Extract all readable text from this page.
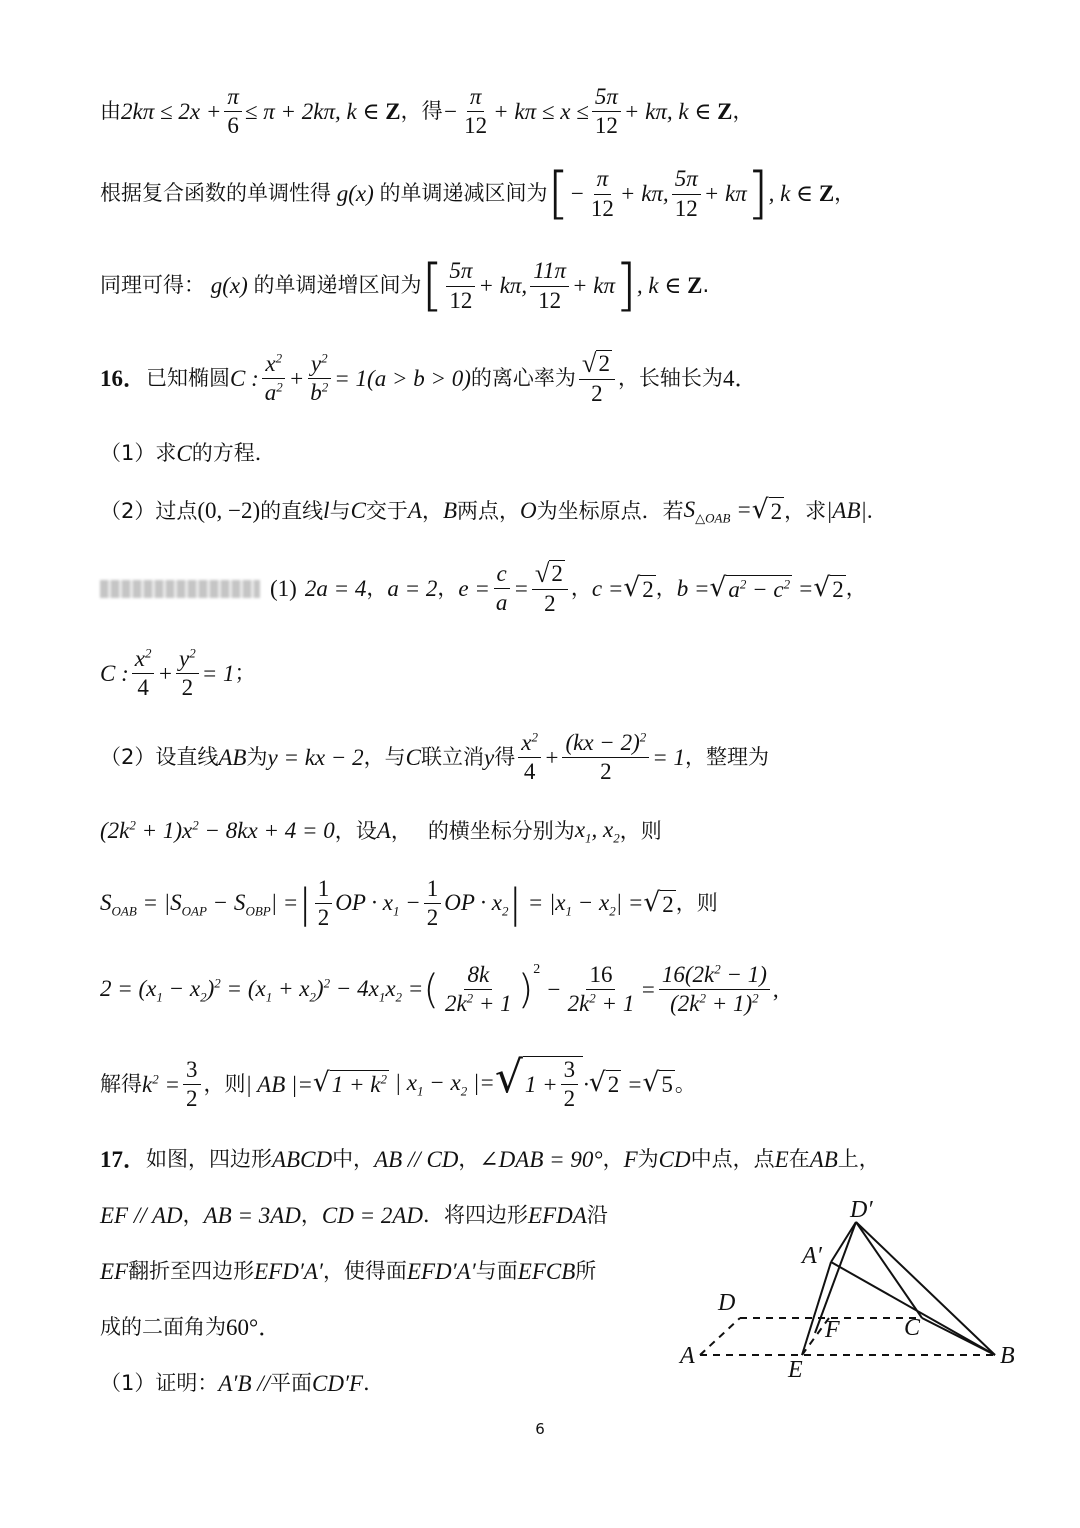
由 $2k\pi \le 2x + \frac{\pi}{6} \le \pi + 2k\pi$, k ∈ Z ，得 − $\frac{\pi}{12} + k\pi \le x \le \frac{5\pi}{12} + k\pi$, k ∈ Z ，
根据复合函数的单调性得 g(x) 的单调递减区间为 [ − $\frac{\pi}{12} + k\pi$, $\frac{5\pi}{12} + k\pi$ ] , k ∈ Z ，
同理可得： g(x) 的单调递增区间为 [ $\frac{5\pi}{12} + k\pi$, $\frac{11\pi}{12} + k\pi$ ] , k ∈ Z .
16． 已知椭圆 C : $\frac{x^2}{a^2} + \frac{y^2}{b^2} = 1(a > b > 0)$ 的离心率为 $\frac{√ 2}{2}$ ，长轴长为 4．
（1）求 C 的方程．
（2）过点 (0, −2) 的直线 l 与 C 交于 A ， B 两点， O 为坐标原点．若 $S_{\triangle OAB}$ = √ 2 ，求 |AB| .
(1) 2a = 4 ， a = 2 ， $e = \frac{c}{a} = \frac{√ 2}{2}$ ， c = √ 2 ， b = √ $a^2 - c^2$ = √ 2 ，
C : $\frac{x^2}{4} + \frac{y^2}{2} = 1$ ；
（2）设直线 AB 为 y = kx − 2 ，与 C 联立消 y 得 $\frac{x^2}{4} + \frac{(kx - 2)^2}{2} = 1$ ，整理为
$(2k^2 + 1)x^2 - 8kx + 4 = 0$ ，设 A ， 的横坐标分别为 $x_1$, $x_2$ ，则
$S_{OAB} = |S_{OAP} - S_{OBP}|$ = | $\frac{1}{2}$ OP · $x_1 - \frac{1}{2}$ OP · $x_2$ | = $|x_1 - x_2|$ = √ 2 ，则
$2 = (x_1 - x_2)^2 = (x_1 + x_2)^2 - 4x_1x_2$ = ( $\frac{8k}{2k^2 + 1}$ ) 2
− $\frac{16}{2k^2 + 1} = \frac{16(2k^2 - 1)}{(2k^2 + 1)^2}$ ,
解得 $k^2 = \frac{3}{2}$ ，则 | AB |= √ $1 + k^2$ | $x_1 - x_2$ |= √ $1 + \frac{3}{2}$ · √ 2 = √ 5 。
17． 如图，四边形 ABCD 中， AB // CD ， ∠DAB = 90° ， F 为 CD 中点，点 E 在 AB 上，
EF // AD ， AB = 3AD ， CD = 2AD ．将四边形 EFDA 沿
EF 翻折至四边形 EFD′A′ ，使得面 EFD′A′ 与面 EFCB 所
成的二面角为 60°．
（1）证明： A′B // 平面 CD′F ．
D′
A′
D
F	C
A
E
B
6
